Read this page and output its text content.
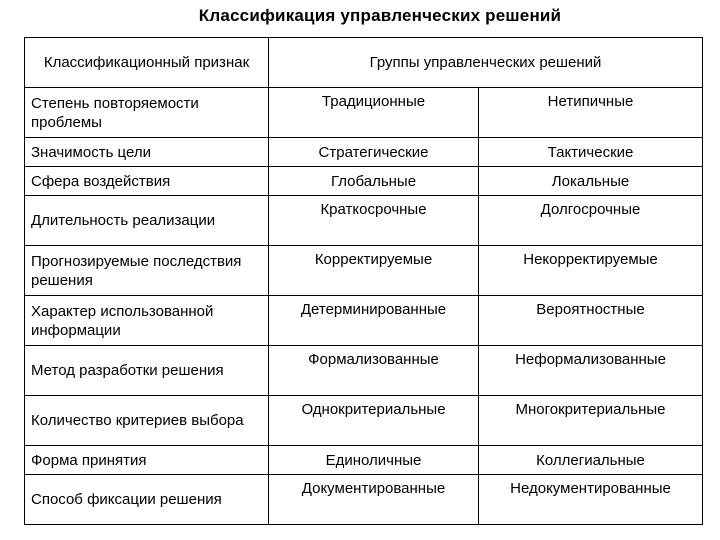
Классификация управленческих решений
Классификационный признак	Группы управленческих решений	
Степень повторяемости проблемы	Традиционные	Нетипичные
Значимость цели	Стратегические	Тактические
Сфера воздействия	Глобальные	Локальные
Длительность реализации	Краткосрочные	Долгосрочные
Прогнозируемые последствия решения	Корректируемые	Некорректируемые
Характер использованной информации	Детерминированные	Вероятностные
Метод разработки решения	Формализованные	Неформализованные
Количество критериев выбора	Однокритериальные	Многокритериальные
Форма принятия	Единоличные	Коллегиальные
Способ фиксации решения	Документированные	Недокументированные
